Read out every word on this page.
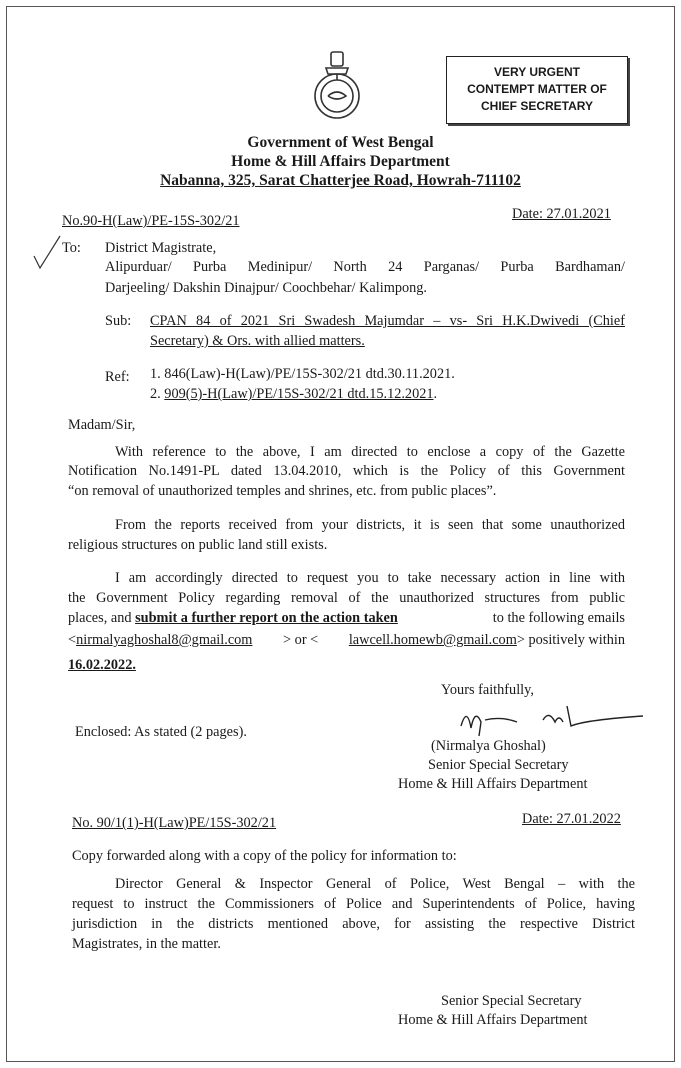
VERY URGENT
CONTEMPT MATTER OF
CHIEF SECRETARY
Government of West Bengal
Home & Hill Affairs Department
Nabanna, 325, Sarat Chatterjee Road, Howrah-711102
No.90-H(Law)/PE-15S-302/21	Date: 27.01.2021
To: District Magistrate,
Alipurduar/ Purba Medinipur/ North 24 Parganas/ Purba Bardhaman/
Darjeeling/ Dakshin Dinajpur/ Coochbehar/ Kalimpong.
Sub: CPAN 84 of 2021 Sri Swadesh Majumdar – vs- Sri H.K.Dwivedi (Chief
Secretary) & Ors. with allied matters.
Ref: 1. 846(Law)-H(Law)/PE/15S-302/21 dtd.30.11.2021.
2. 909(5)-H(Law)/PE/15S-302/21 dtd.15.12.2021.
Madam/Sir,
With reference to the above, I am directed to enclose a copy of the Gazette
Notification No.1491-PL dated 13.04.2010, which is the Policy of this Government
“on removal of unauthorized temples and shrines, etc. from public places”.
From the reports received from your districts, it is seen that some unauthorized
religious structures on public land still exists.
I am accordingly directed to request you to take necessary action in line with
the Government Policy regarding removal of the unauthorized structures from public
places, and submit a further report on the action taken	to the following emails
<nirmalyaghoshal8@gmail.com > or < lawcell.homewb@gmail.com> positively within
16.02.2022.
Yours faithfully,
(Nirmalya Ghoshal)
Senior Special Secretary
Home & Hill Affairs Department
Enclosed: As stated (2 pages).
No. 90/1(1)-H(Law)PE/15S-302/21	Date: 27.01.2022
Copy forwarded along with a copy of the policy for information to:
Director General & Inspector General of Police, West Bengal – with the
request to instruct the Commissioners of Police and Superintendents of Police, having
jurisdiction in the districts mentioned above, for assisting the respective District
Magistrates, in the matter.
Senior Special Secretary
Home & Hill Affairs Department
